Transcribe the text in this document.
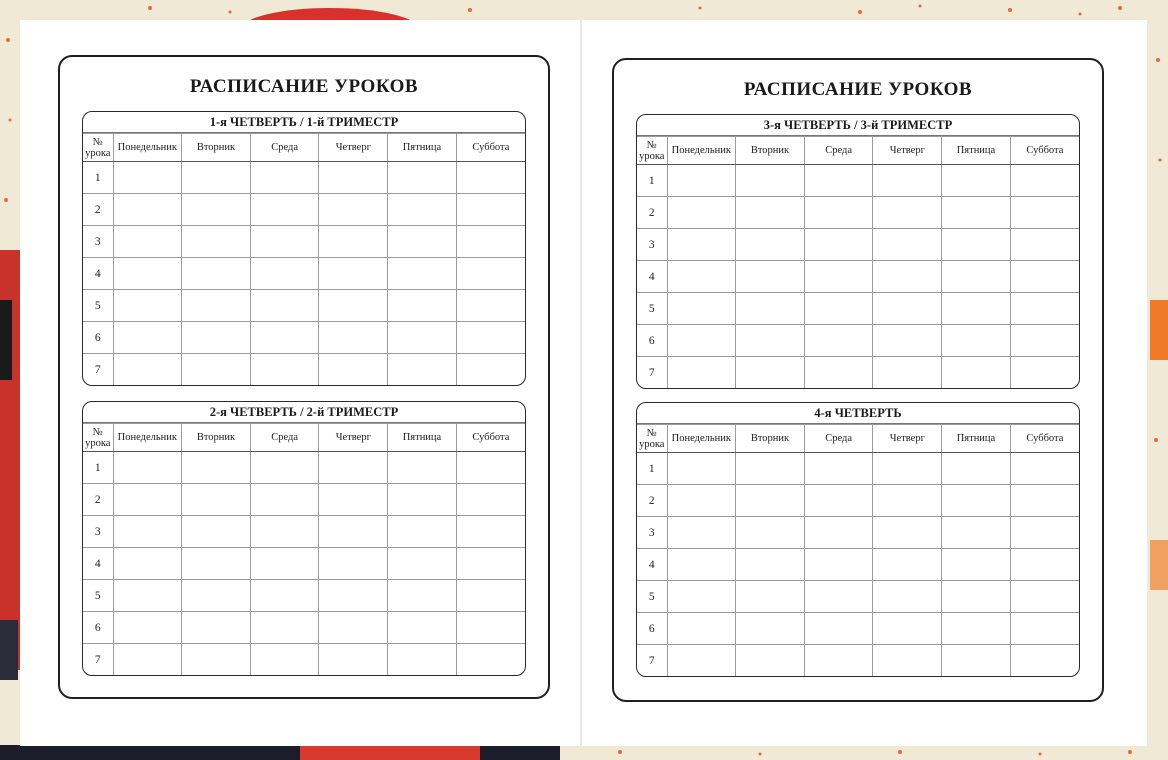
РАСПИСАНИЕ УРОКОВ
1-я ЧЕТВЕРТЬ / 1-й ТРИМЕСТР
№
урока	Понедельник	Вторник	Среда	Четверг	Пятница	Суббота
1						
2						
3						
4						
5						
6						
7						
2-я ЧЕТВЕРТЬ / 2-й ТРИМЕСТР
№
урока	Понедельник	Вторник	Среда	Четверг	Пятница	Суббота
1						
2						
3						
4						
5						
6						
7						
РАСПИСАНИЕ УРОКОВ
3-я ЧЕТВЕРТЬ / 3-й ТРИМЕСТР
№
урока	Понедельник	Вторник	Среда	Четверг	Пятница	Суббота
1						
2						
3						
4						
5						
6						
7						
4-я ЧЕТВЕРТЬ
№
урока	Понедельник	Вторник	Среда	Четверг	Пятница	Суббота
1						
2						
3						
4						
5						
6						
7						
